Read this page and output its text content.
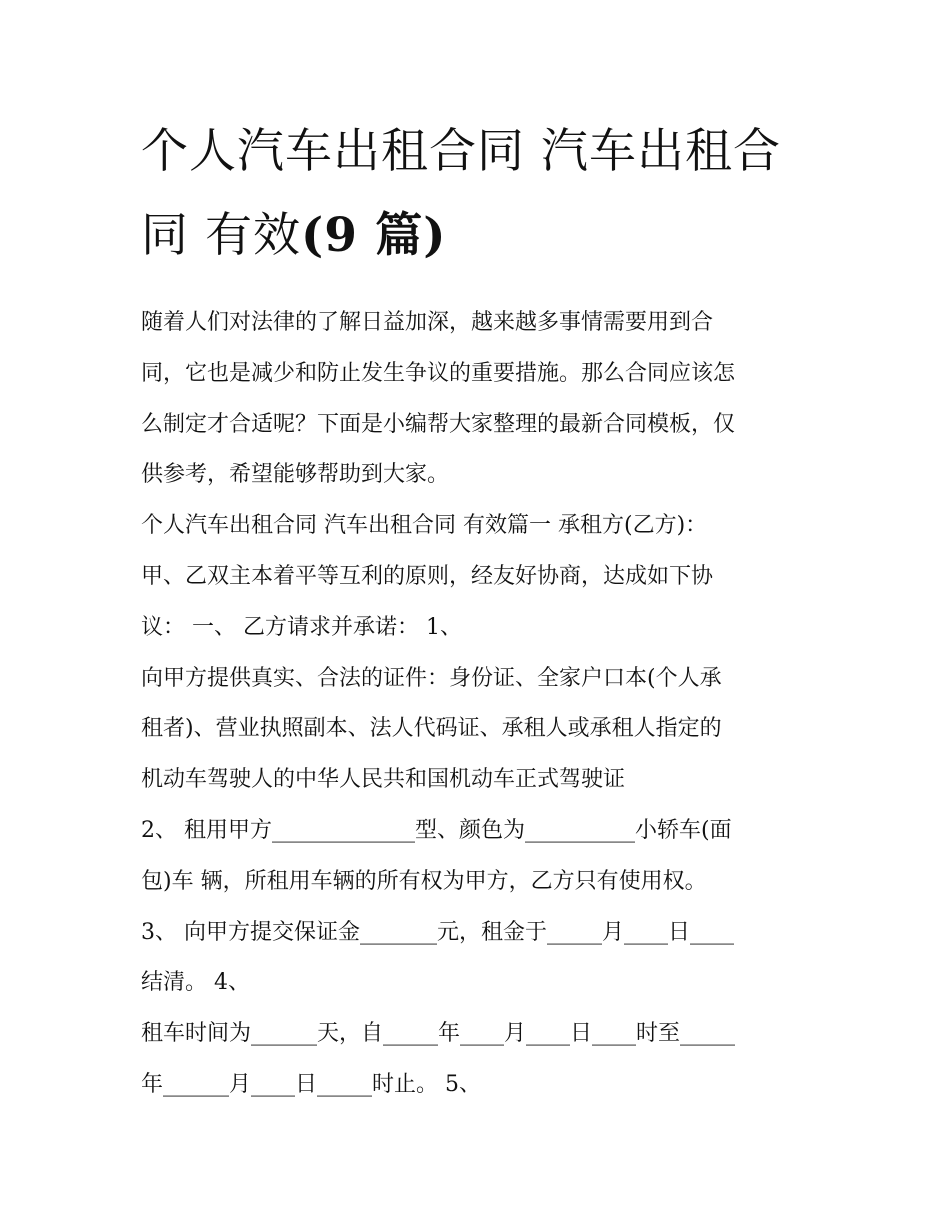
个人汽车出租合同 汽车出租合
同 有效(9 篇)
随着人们对法律的了解日益加深，越来越多事情需要用到合
同，它也是减少和防止发生争议的重要措施。那么合同应该怎
么制定才合适呢？下面是小编帮大家整理的最新合同模板，仅
供参考，希望能够帮助到大家。
个人汽车出租合同 汽车出租合同 有效篇一 承租方(乙方)：
甲、乙双主本着平等互利的原则，经友好协商，达成如下协
议： 一、 乙方请求并承诺： 1、
向甲方提供真实、合法的证件：身份证、全家户口本(个人承
租者)、营业执照副本、法人代码证、承租人或承租人指定的
机动车驾驶人的中华人民共和国机动车正式驾驶证
2、 租用甲方_____________型、颜色为__________小轿车(面
包)车 辆，所租用车辆的所有权为甲方，乙方只有使用权。
3、 向甲方提交保证金_______元，租金于_____月____日____
结清。 4、
租车时间为______天，自_____年____月____日____时至_____
年______月____日_____时止。 5、
